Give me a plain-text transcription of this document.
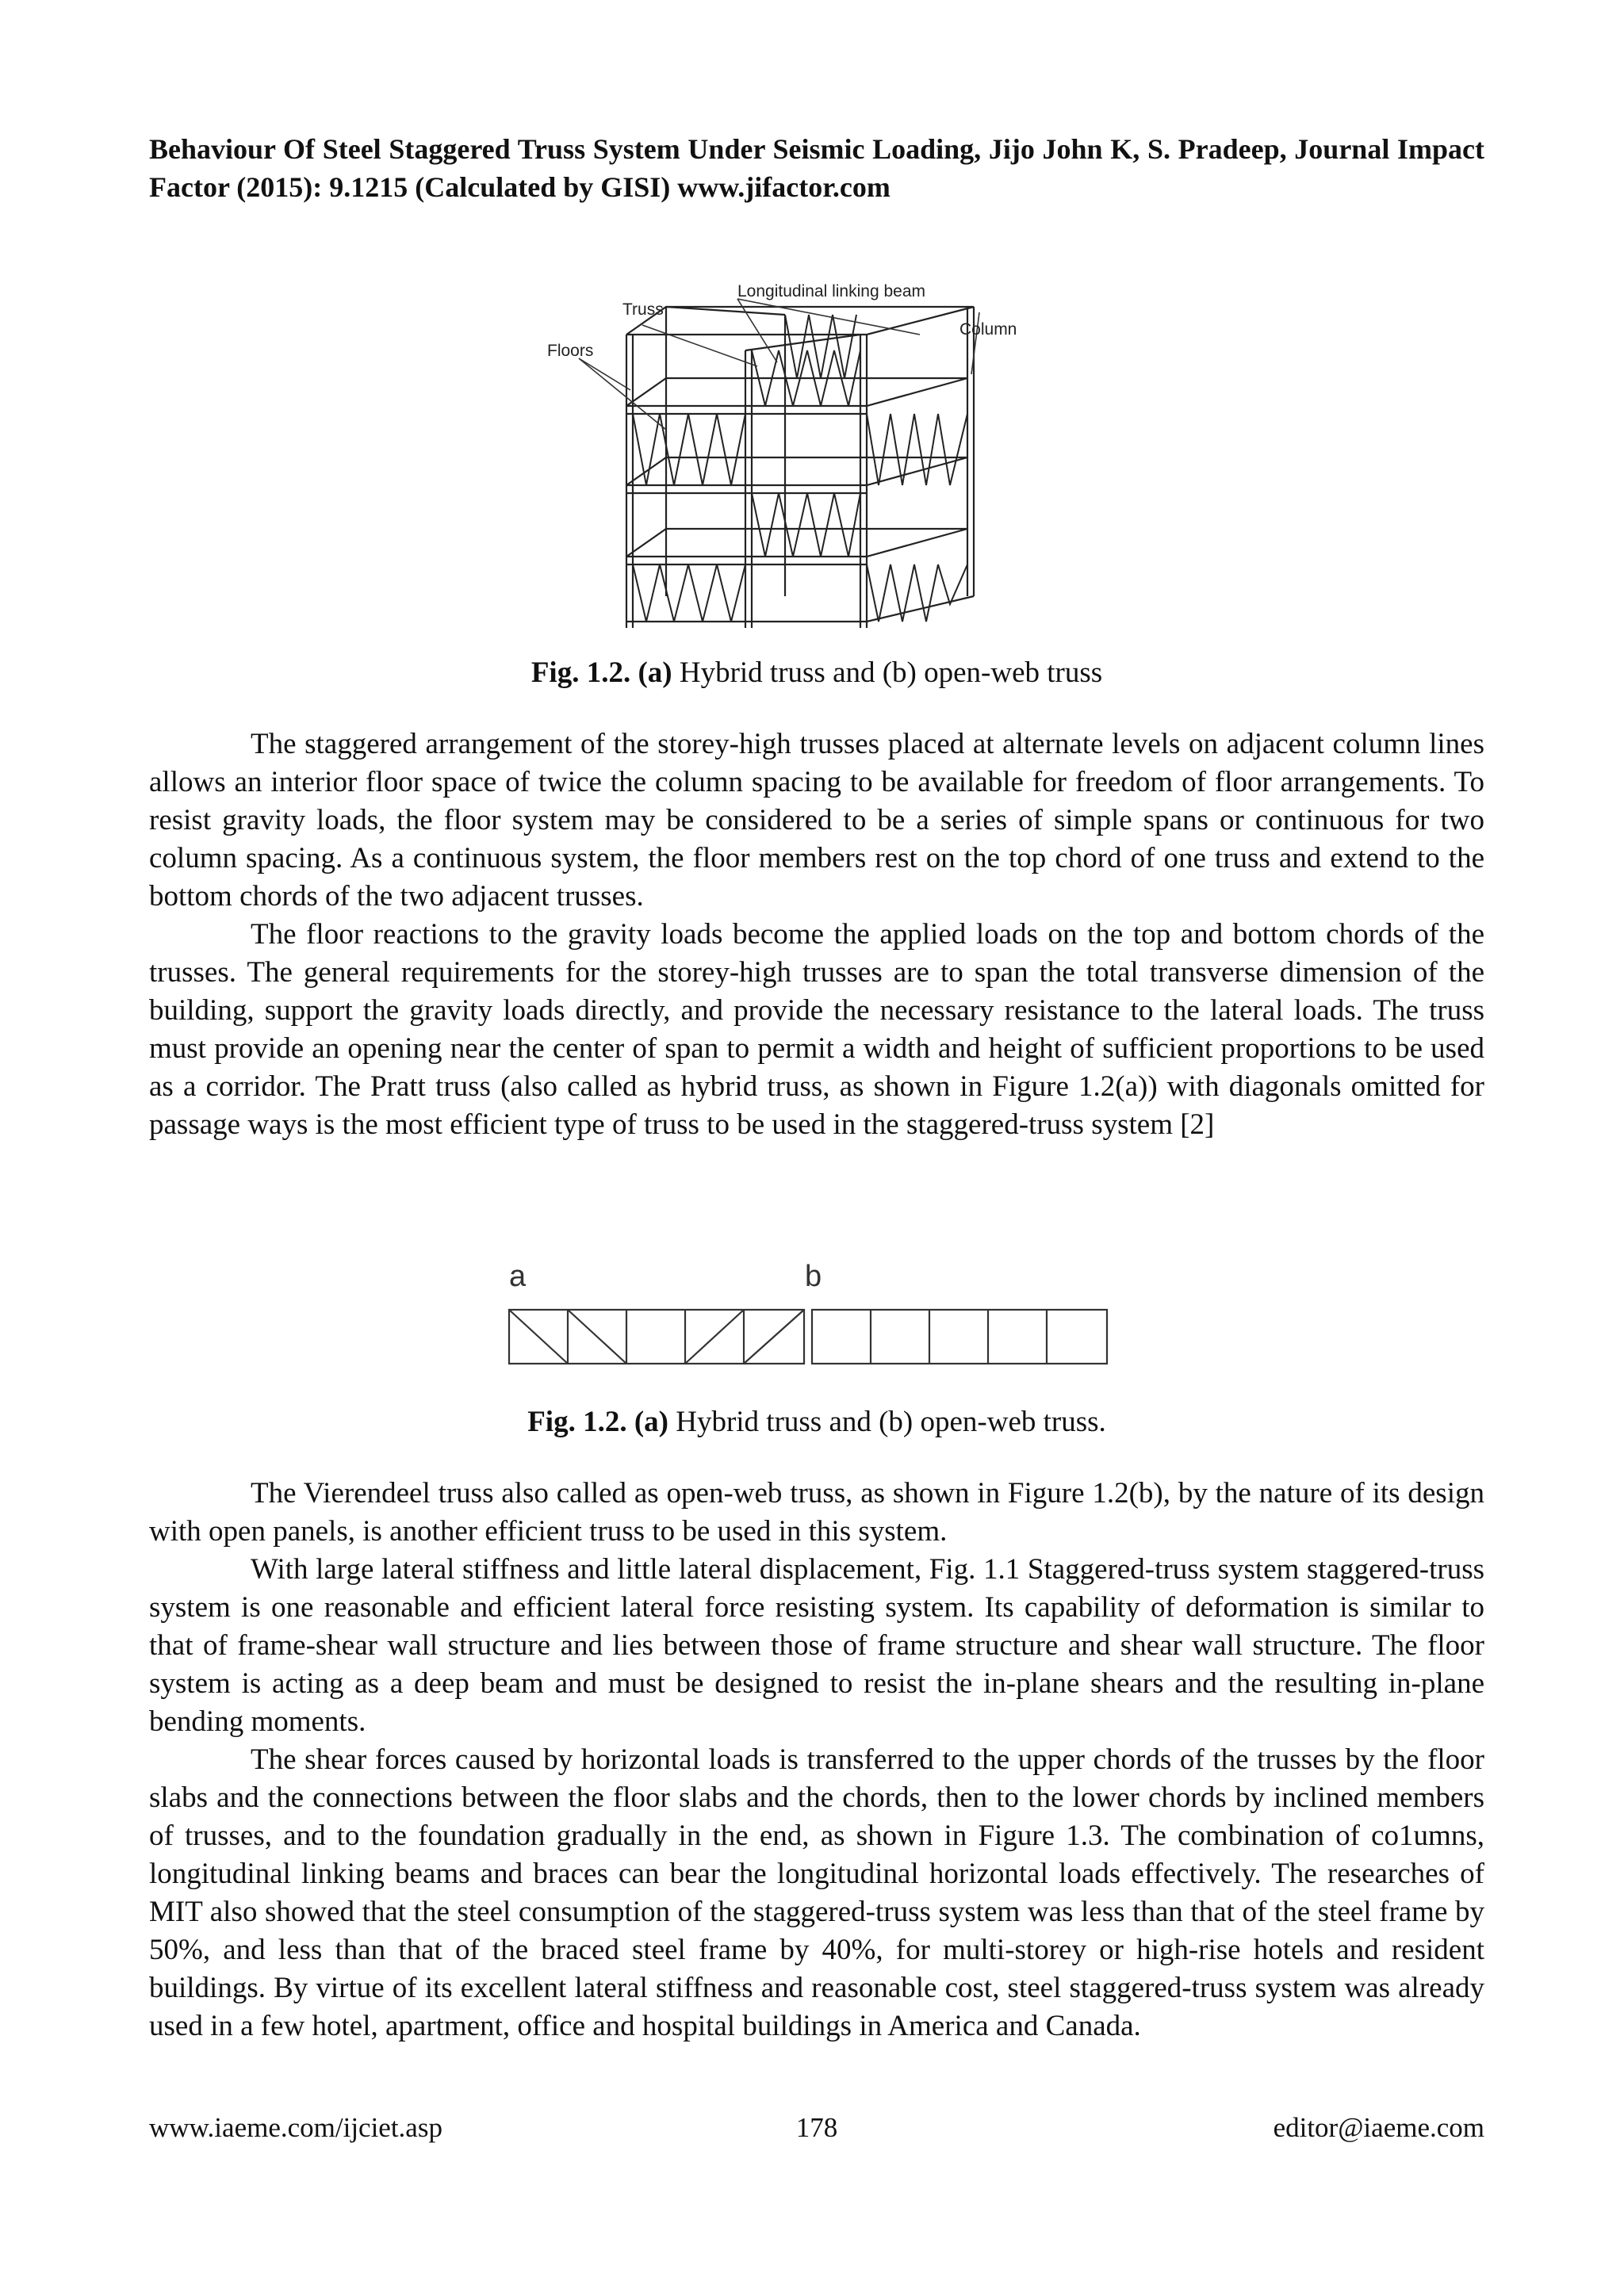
Behaviour Of Steel Staggered Truss System Under Seismic Loading, Jijo John K, S. Pradeep, Journal Impact Factor (2015): 9.1215 (Calculated by GISI) www.jifactor.com
Truss
Longitudinal linking beam
Column
Floors
Fig. 1.2. (a) Hybrid truss and (b) open-web truss

The staggered arrangement of the storey-high trusses placed at alternate levels on adjacent column lines allows an interior floor space of twice the column spacing to be available for freedom of floor arrangements. To resist gravity loads, the floor system may be considered to be a series of simple spans or continuous for two column spacing. As a continuous system, the floor members rest on the top chord of one truss and extend to the bottom chords of the two adjacent trusses.

The floor reactions to the gravity loads become the applied loads on the top and bottom chords of the trusses. The general requirements for the storey-high trusses are to span the total transverse dimension of the building, support the gravity loads directly, and provide the necessary resistance to the lateral loads. The truss must provide an opening near the center of span to permit a width and height of sufficient proportions to be used as a corridor. The Pratt truss (also called as hybrid truss, as shown in Figure 1.2(a)) with diagonals omitted for passage ways is the most efficient type of truss to be used in the staggered-truss system [2]

a	b
Fig. 1.2. (a) Hybrid truss and (b) open-web truss.

The Vierendeel truss also called as open-web truss, as shown in Figure 1.2(b), by the nature of its design with open panels, is another efficient truss to be used in this system.

With large lateral stiffness and little lateral displacement, Fig. 1.1 Staggered-truss system staggered-truss system is one reasonable and efficient lateral force resisting system. Its capability of deformation is similar to that of frame-shear wall structure and lies between those of frame structure and shear wall structure. The floor system is acting as a deep beam and must be designed to resist the in-plane shears and the resulting in-plane bending moments.

The shear forces caused by horizontal loads is transferred to the upper chords of the trusses by the floor slabs and the connections between the floor slabs and the chords, then to the lower chords by inclined members of trusses, and to the foundation gradually in the end, as shown in Figure 1.3. The combination of co1umns, longitudinal linking beams and braces can bear the longitudinal horizontal loads effectively. The researches of MIT also showed that the steel consumption of the staggered-truss system was less than that of the steel frame by 50%, and less than that of the braced steel frame by 40%, for multi-storey or high-rise hotels and resident buildings. By virtue of its excellent lateral stiffness and reasonable cost, steel staggered-truss system was already used in a few hotel, apartment, office and hospital buildings in America and Canada.

www.iaeme.com/ijciet.asp	178	editor@iaeme.com
